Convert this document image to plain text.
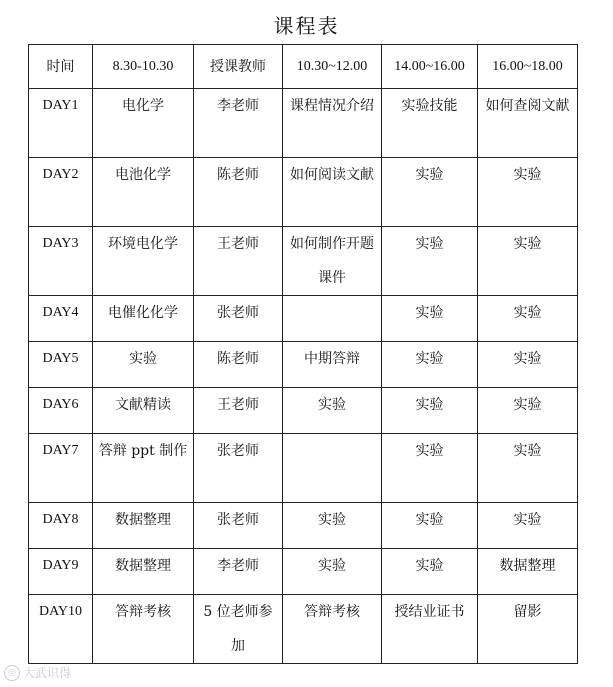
课程表
时间	8.30-10.30	授课教师	10.30~12.00	14.00~16.00	16.00~18.00
DAY1	电化学	李老师	课程情况介绍	实验技能	如何查阅文献
DAY2	电池化学	陈老师	如何阅读文献	实验	实验
DAY3	环境电化学	王老师	如何制作开题课件	实验	实验
DAY4	电催化化学	张老师		实验	实验
DAY5	实验	陈老师	中期答辩	实验	实验
DAY6	文献精读	王老师	实验	实验	实验
DAY7	答辩 ppt 制作	张老师		实验	实验
DAY8	数据整理	张老师	实验	实验	实验
DAY9	数据整理	李老师	实验	实验	数据整理
DAY10	答辩考核	5 位老师参加	答辩考核	授结业证书	留影
◎ 大武识得
